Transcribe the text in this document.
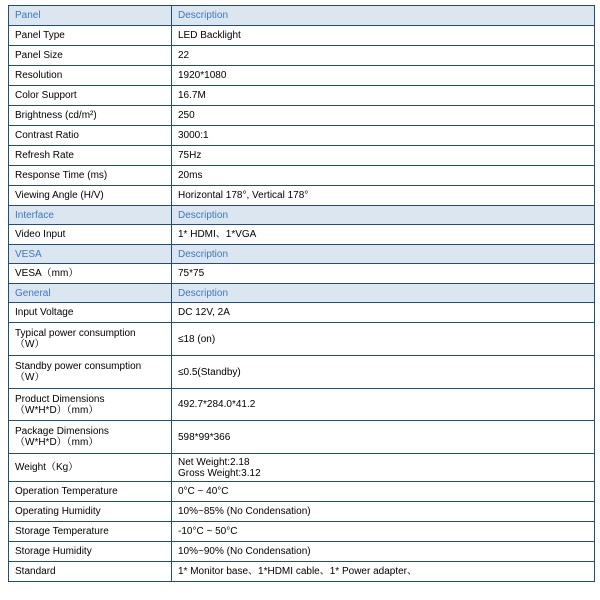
Panel	Description
Panel Type	LED Backlight
Panel Size	22
Resolution	1920*1080
Color Support	16.7M
Brightness (cd/m²)	250
Contrast Ratio	3000:1
Refresh Rate	75Hz
Response Time (ms)	20ms
Viewing Angle (H/V)	Horizontal 178°, Vertical 178°
Interface	Description
Video Input	1* HDMI、1*VGA
VESA	Description
VESA（mm）	75*75
General	Description
Input Voltage	DC 12V, 2A
Typical power consumption
（W）	≤18 (on)
Standby power consumption
（W）	≤0.5(Standby)
Product Dimensions
（W*H*D）（mm）	492.7*284.0*41.2
Package Dimensions
（W*H*D）（mm）	598*99*366
Weight（Kg）	Net Weight:2.18
Gross Weight:3.12
Operation Temperature	0°C ~ 40°C
Operating Humidity	10%~85% (No Condensation)
Storage Temperature	-10°C ~ 50°C
Storage Humidity	10%~90% (No Condensation)
Standard	1* Monitor base、1*HDMI cable、1* Power adapter、
